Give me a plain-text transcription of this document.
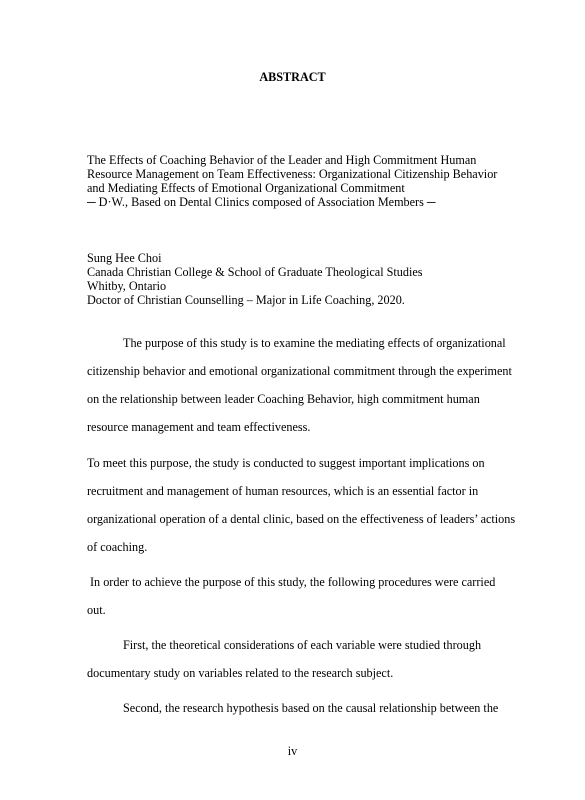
ABSTRACT
The Effects of Coaching Behavior of the Leader and High Commitment Human
Resource Management on Team Effectiveness: Organizational Citizenship Behavior
and Mediating Effects of Emotional Organizational Commitment
─ D·W., Based on Dental Clinics composed of Association Members ─
Sung Hee Choi
Canada Christian College & School of Graduate Theological Studies
Whitby, Ontario
Doctor of Christian Counselling – Major in Life Coaching, 2020.
The purpose of this study is to examine the mediating effects of organizational
citizenship behavior and emotional organizational commitment through the experiment
on the relationship between leader Coaching Behavior, high commitment human
resource management and team effectiveness.
To meet this purpose, the study is conducted to suggest important implications on
recruitment and management of human resources, which is an essential factor in
organizational operation of a dental clinic, based on the effectiveness of leaders’ actions
of coaching.
In order to achieve the purpose of this study, the following procedures were carried
out.
First, the theoretical considerations of each variable were studied through
documentary study on variables related to the research subject.
Second, the research hypothesis based on the causal relationship between the
iv
